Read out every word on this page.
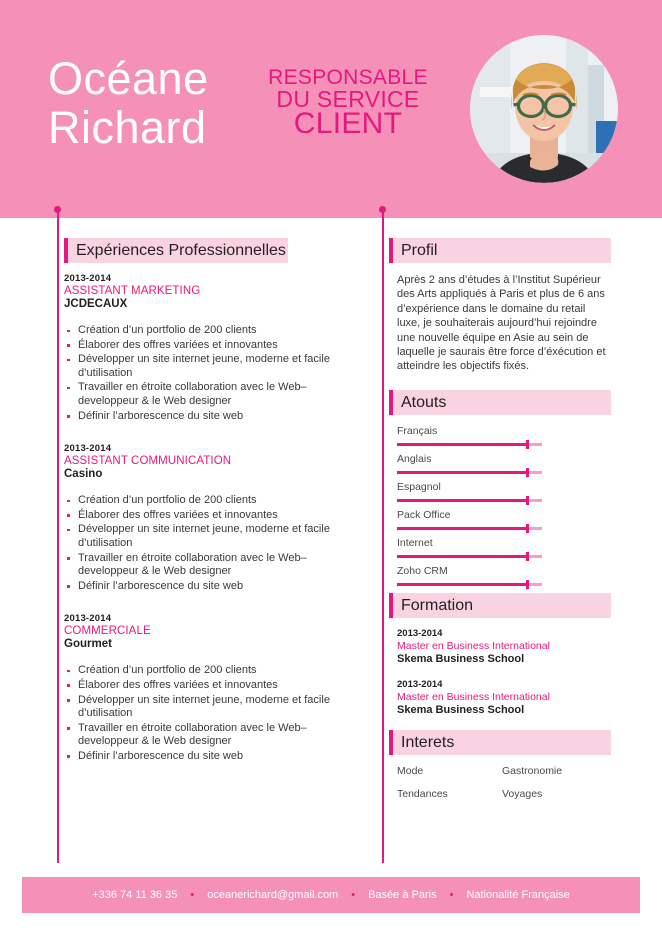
Océane
Richard
RESPONSABLE
DU SERVICE
CLIENT
Expériences Professionnelles
2013-2014
ASSISTANT MARKETING
JCDECAUX
Création d’un portfolio de 200 clients
Élaborer des offres variées et innovantes
Développer un site internet jeune, moderne et facile d’utilisation
Travailler en étroite collaboration avec le Web– developpeur & le Web designer
Définir l’arborescence du site web
2013-2014
ASSISTANT COMMUNICATION
Casino
Création d’un portfolio de 200 clients
Élaborer des offres variées et innovantes
Développer un site internet jeune, moderne et facile d’utilisation
Travailler en étroite collaboration avec le Web– developpeur & le Web designer
Définir l’arborescence du site web
2013-2014
COMMERCIALE
Gourmet
Création d’un portfolio de 200 clients
Élaborer des offres variées et innovantes
Développer un site internet jeune, moderne et facile d’utilisation
Travailler en étroite collaboration avec le Web– developpeur & le Web designer
Définir l’arborescence du site web
Profil

Après 2 ans d’études à l’Institut Supérieur des Arts appliqués à Paris et plus de 6 ans d’expérience dans le domaine du retail luxe, je souhaiterais aujourd’hui rejoindre une nouvelle équipe en Asie au sein de laquelle je saurais être force d’éxécution et atteindre les objectifs fixés.

Atouts
Français
Anglais
Espagnol
Pack Office
Internet
Zoho CRM
Formation
2013-2014
Master en Business International
Skema Business School
2013-2014
Master en Business International
Skema Business School
Interets
Mode	Gastronomie
Tendances	Voyages
+336 74 11 36 35 • oceanerichard@gmail.com • Basée à Paris • Nationalité Française
